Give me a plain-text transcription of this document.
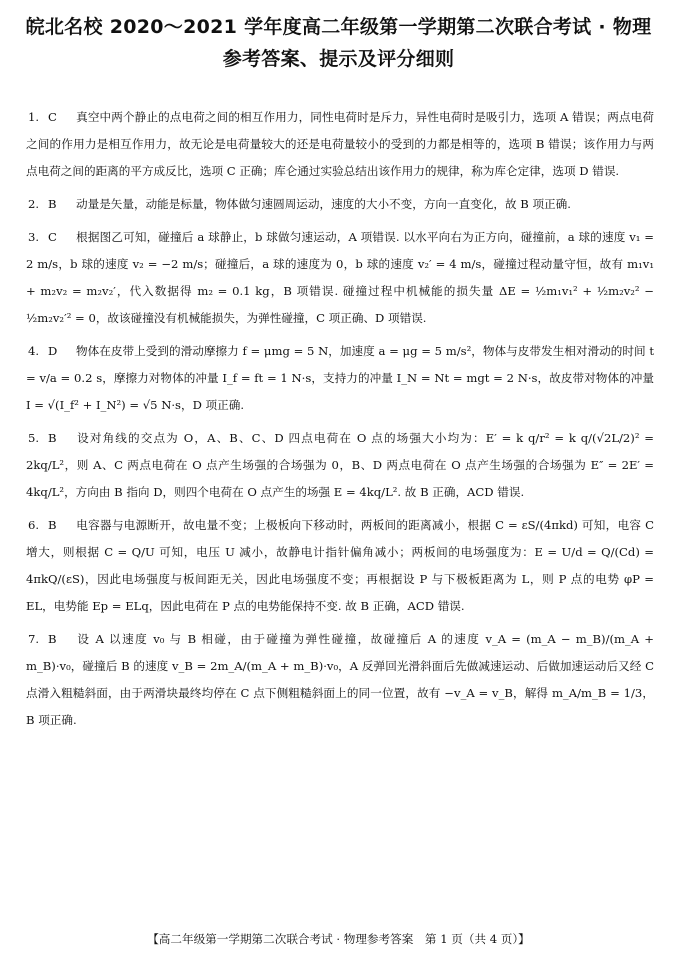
皖北名校 2020～2021 学年度高二年级第一学期第二次联合考试 · 物理
参考答案、提示及评分细则
1. C 真空中两个静止的点电荷之间的相互作用力，同性电荷时是斥力，异性电荷时是吸引力，选项 A 错误；两点电荷之间的作用力是相互作用力，故无论是电荷量较大的还是电荷量较小的受到的力都是相等的，选项 B 错误；该作用力与两点电荷之间的距离的平方成反比，选项 C 正确；库仑通过实验总结出该作用力的规律，称为库仑定律，选项 D 错误.
2. B 动量是矢量，动能是标量，物体做匀速圆周运动，速度的大小不变，方向一直变化，故 B 项正确.
3. C 根据图乙可知，碰撞后 a 球静止，b 球做匀速运动，A 项错误. 以水平向右为正方向，碰撞前，a 球的速度 v₁ = 2 m/s，b 球的速度 v₂ = −2 m/s；碰撞后，a 球的速度为 0，b 球的速度 v₂′ = 4 m/s，碰撞过程动量守恒，故有 m₁v₁ + m₂v₂ = m₂v₂′，代入数据得 m₂ = 0.1 kg，B 项错误. 碰撞过程中机械能的损失量 ΔE = ½m₁v₁² + ½m₂v₂² − ½m₂v₂′² = 0，故该碰撞没有机械能损失，为弹性碰撞，C 项正确、D 项错误.
4. D 物体在皮带上受到的滑动摩擦力 f = μmg = 5 N，加速度 a = μg = 5 m/s²，物体与皮带发生相对滑动的时间 t = v/a = 0.2 s，摩擦力对物体的冲量 I_f = ft = 1 N·s，支持力的冲量 I_N = Nt = mgt = 2 N·s，故皮带对物体的冲量 I = √(I_f² + I_N²) = √5 N·s，D 项正确.
5. B 设对角线的交点为 O，A、B、C、D 四点电荷在 O 点的场强大小均为：E′ = k q/r² = k q/(√2L/2)² = 2kq/L²，则 A、C 两点电荷在 O 点产生场强的合场强为 0，B、D 两点电荷在 O 点产生场强的合场强为 E″ = 2E′ = 4kq/L²，方向由 B 指向 D，则四个电荷在 O 点产生的场强 E = 4kq/L². 故 B 正确，ACD 错误.
6. B 电容器与电源断开，故电量不变；上极板向下移动时，两板间的距离减小，根据 C = εS/(4πkd) 可知，电容 C 增大，则根据 C = Q/U 可知，电压 U 减小，故静电计指针偏角减小；两板间的电场强度为：E = U/d = Q/(Cd) = 4πkQ/(εS)，因此电场强度与板间距无关，因此电场强度不变；再根据设 P 与下极板距离为 L，则 P 点的电势 φP = EL，电势能 Ep = ELq，因此电荷在 P 点的电势能保持不变. 故 B 正确，ACD 错误.
7. B 设 A 以速度 v₀ 与 B 相碰，由于碰撞为弹性碰撞，故碰撞后 A 的速度 v_A = (m_A − m_B)/(m_A + m_B)·v₀，碰撞后 B 的速度 v_B = 2m_A/(m_A + m_B)·v₀，A 反弹回光滑斜面后先做减速运动、后做加速运动后又经 C 点滑入粗糙斜面，由于两滑块最终均停在 C 点下侧粗糙斜面上的同一位置，故有 −v_A = v_B，解得 m_A/m_B = 1/3，B 项正确.
【高二年级第一学期第二次联合考试 · 物理参考答案　第 1 页（共 4 页）】
